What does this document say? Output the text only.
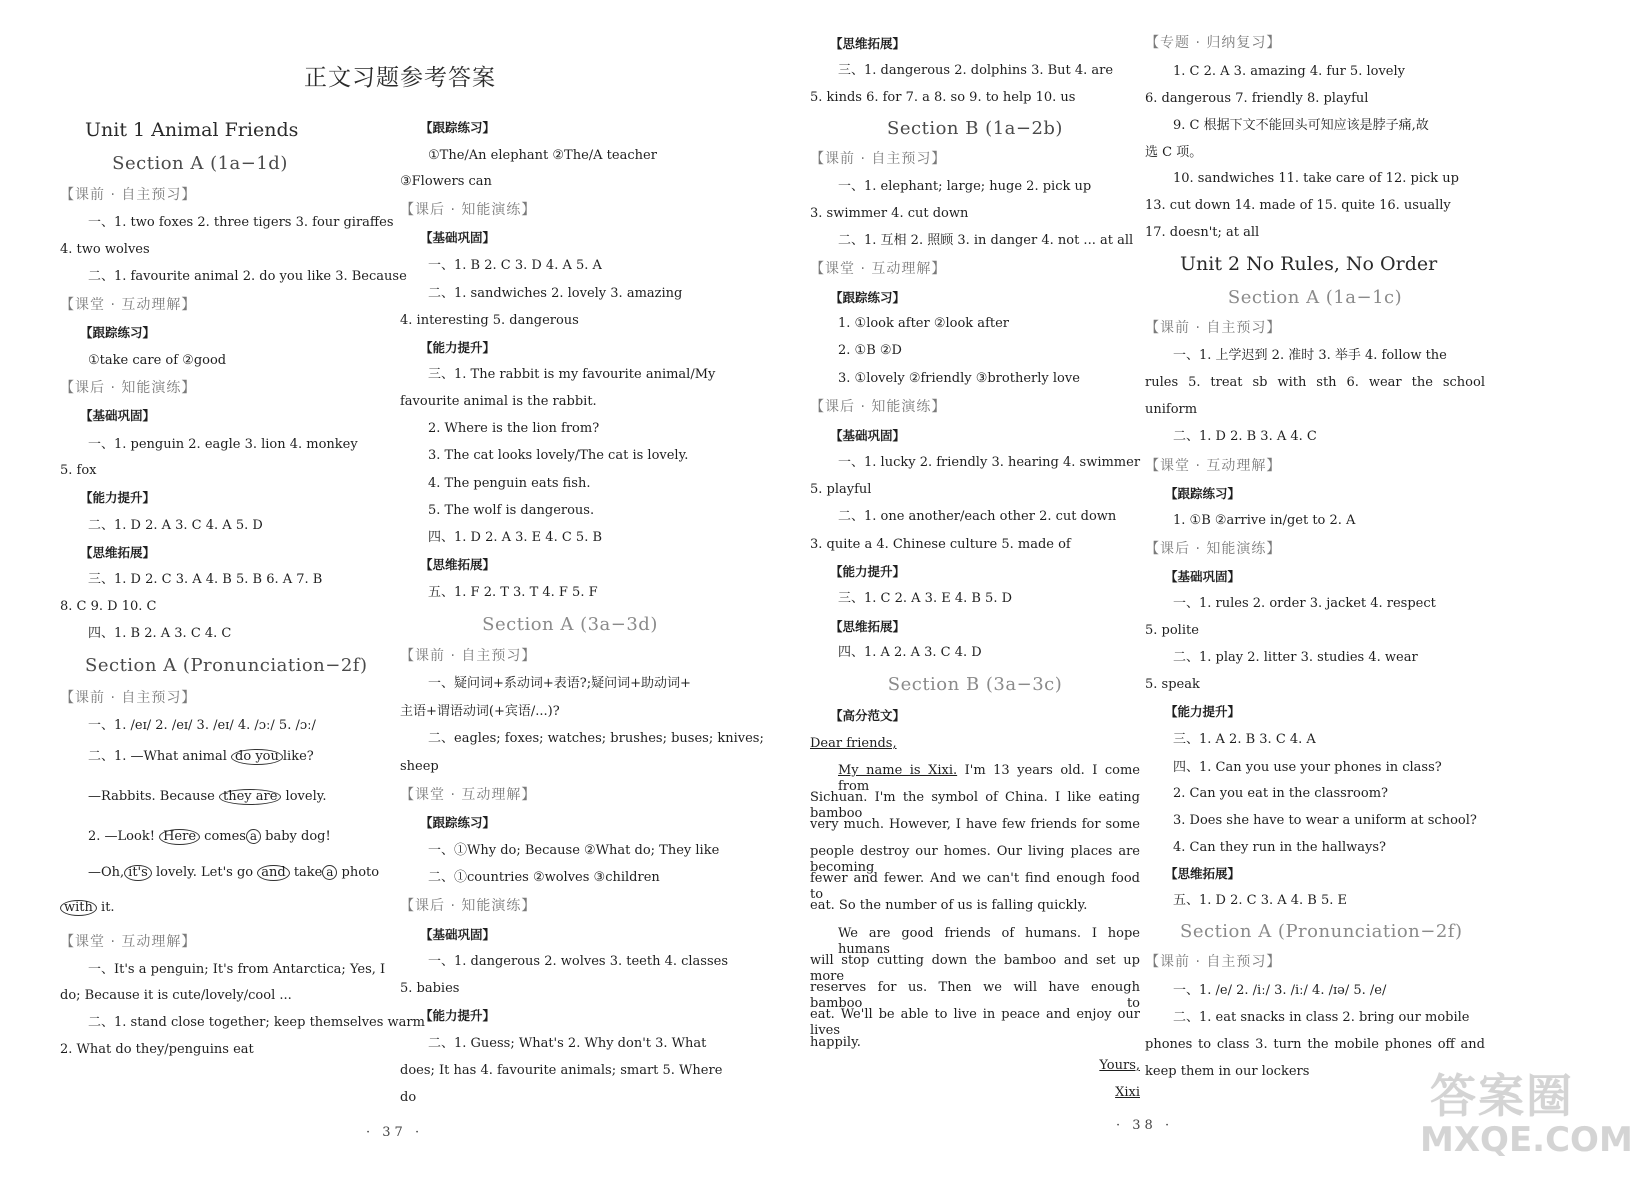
正文习题参考答案
Unit 1 Animal Friends
Section A (1a−1d)
【课前 · 自主预习】
一、1. two foxes 2. three tigers 3. four giraffes
4. two wolves
二、1. favourite animal 2. do you like 3. Because
【课堂 · 互动理解】
【跟踪练习】
①take care of ②good
【课后 · 知能演练】
【基础巩固】
一、1. penguin 2. eagle 3. lion 4. monkey
5. fox
【能力提升】
二、1. D 2. A 3. C 4. A 5. D
【思维拓展】
三、1. D 2. C 3. A 4. B 5. B 6. A 7. B
8. C 9. D 10. C
四、1. B 2. A 3. C 4. C
Section A (Pronunciation−2f)
【课前 · 自主预习】
一、1. /eɪ/ 2. /eɪ/ 3. /eɪ/ 4. /ɔː/ 5. /ɔː/
二、1. —What animal do you like?
—Rabbits. Because they are lovely.
2. —Look! Here comes a baby dog!
—Oh, it's lovely. Let's go and take a photo
with it.
【课堂 · 互动理解】
一、It's a penguin; It's from Antarctica; Yes, I
do; Because it is cute/lovely/cool ...
二、1. stand close together; keep themselves warm
2. What do they/penguins eat
【跟踪练习】
①The/An elephant ②The/A teacher
③Flowers can
【课后 · 知能演练】
【基础巩固】
一、1. B 2. C 3. D 4. A 5. A
二、1. sandwiches 2. lovely 3. amazing
4. interesting 5. dangerous
【能力提升】
三、1. The rabbit is my favourite animal/My
favourite animal is the rabbit.
2. Where is the lion from?
3. The cat looks lovely/The cat is lovely.
4. The penguin eats fish.
5. The wolf is dangerous.
四、1. D 2. A 3. E 4. C 5. B
【思维拓展】
五、1. F 2. T 3. T 4. F 5. F
Section A (3a−3d)
【课前 · 自主预习】
一、疑问词+系动词+表语?;疑问词+助动词+
主语+谓语动词(+宾语/...)?
二、eagles; foxes; watches; brushes; buses; knives;
sheep
【课堂 · 互动理解】
【跟踪练习】
一、①Why do; Because ②What do; They like
二、①countries ②wolves ③children
【课后 · 知能演练】
【基础巩固】
一、1. dangerous 2. wolves 3. teeth 4. classes
5. babies
【能力提升】
二、1. Guess; What's 2. Why don't 3. What
does; It has 4. favourite animals; smart 5. Where
do
【思维拓展】
三、1. dangerous 2. dolphins 3. But 4. are
5. kinds 6. for 7. a 8. so 9. to help 10. us
Section B (1a−2b)
【课前 · 自主预习】
一、1. elephant; large; huge 2. pick up
3. swimmer 4. cut down
二、1. 互相 2. 照顾 3. in danger 4. not ... at all
【课堂 · 互动理解】
【跟踪练习】
1. ①look after ②look after
2. ①B ②D
3. ①lovely ②friendly ③brotherly love
【课后 · 知能演练】
【基础巩固】
一、1. lucky 2. friendly 3. hearing 4. swimmer
5. playful
二、1. one another/each other 2. cut down
3. quite a 4. Chinese culture 5. made of
【能力提升】
三、1. C 2. A 3. E 4. B 5. D
【思维拓展】
四、1. A 2. A 3. C 4. D
Section B (3a−3c)
【高分范文】
Dear friends,
My name is Xixi. I'm 13 years old. I come from
Sichuan. I'm the symbol of China. I like eating bamboo
very much. However, I have few friends for some
people destroy our homes. Our living places are becoming
fewer and fewer. And we can't find enough food to
eat. So the number of us is falling quickly.
We are good friends of humans. I hope humans
will stop cutting down the bamboo and set up more
reserves for us. Then we will have enough bamboo to
eat. We'll be able to live in peace and enjoy our lives
happily.
Yours,
Xixi
【专题 · 归纳复习】
1. C 2. A 3. amazing 4. fur 5. lovely
6. dangerous 7. friendly 8. playful
9. C 根据下文不能回头可知应该是脖子痛,故
选 C 项。
10. sandwiches 11. take care of 12. pick up
13. cut down 14. made of 15. quite 16. usually
17. doesn't; at all
Unit 2 No Rules, No Order
Section A (1a−1c)
【课前 · 自主预习】
一、1. 上学迟到 2. 准时 3. 举手 4. follow the
rules 5. treat sb with sth 6. wear the school
uniform
二、1. D 2. B 3. A 4. C
【课堂 · 互动理解】
【跟踪练习】
1. ①B ②arrive in/get to 2. A
【课后 · 知能演练】
【基础巩固】
一、1. rules 2. order 3. jacket 4. respect
5. polite
二、1. play 2. litter 3. studies 4. wear
5. speak
【能力提升】
三、1. A 2. B 3. C 4. A
四、1. Can you use your phones in class?
2. Can you eat in the classroom?
3. Does she have to wear a uniform at school?
4. Can they run in the hallways?
【思维拓展】
五、1. D 2. C 3. A 4. B 5. E
Section A (Pronunciation−2f)
【课前 · 自主预习】
一、1. /e/ 2. /iː/ 3. /iː/ 4. /ɪə/ 5. /e/
二、1. eat snacks in class 2. bring our mobile
phones to class 3. turn the mobile phones off and
keep them in our lockers
· 37 ·	· 38 ·
答案圈
MXQE.COM
